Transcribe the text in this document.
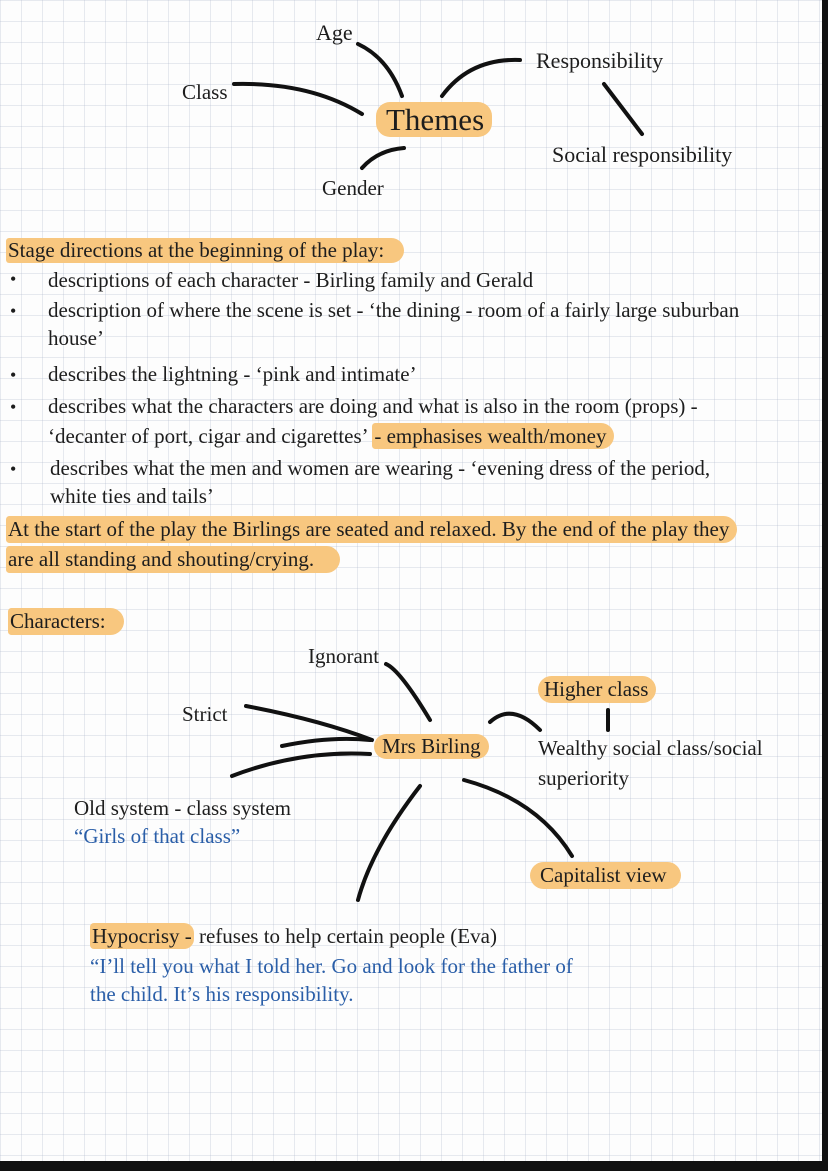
Age
Class
Themes
Responsibility
Social responsibility
Gender
Stage directions at the beginning of the play:
• descriptions of each character - Birling family and Gerald
• description of where the scene is set - ‘the dining - room of a fairly large suburban
house’
• describes the lightning - ‘pink and intimate’
• describes what the characters are doing and what is also in the room (props) -
‘decanter of port, cigar and cigarettes’ - emphasises wealth/money
• describes what the men and women are wearing - ‘evening dress of the period,
white ties and tails’
At the start of the play the Birlings are seated and relaxed. By the end of the play they
are all standing and shouting/crying.
Characters:
Ignorant
Strict
Mrs Birling
Higher class
Wealthy social class/social
superiority
Old system - class system
“Girls of that class”
Capitalist view
Hypocrisy - refuses to help certain people (Eva)
“I’ll tell you what I told her. Go and look for the father of
the child. It’s his responsibility.
